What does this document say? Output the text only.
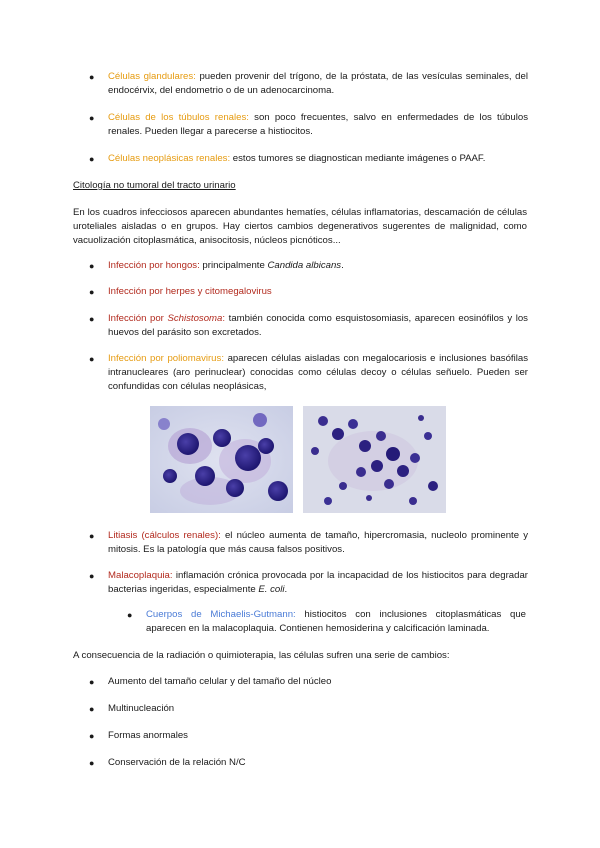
● Células glandulares: pueden provenir del trígono, de la próstata, de las vesículas seminales, del endocérvix, del endometrio o de un adenocarcinoma.
● Células de los túbulos renales: son poco frecuentes, salvo en enfermedades de los túbulos renales. Pueden llegar a parecerse a histiocitos.
● Células neoplásicas renales: estos tumores se diagnostican mediante imágenes o PAAF.
Citología no tumoral del tracto urinario
En los cuadros infecciosos aparecen abundantes hematíes, células inflamatorias, descamación de células uroteliales aisladas o en grupos. Hay ciertos cambios degenerativos sugerentes de malignidad, como vacuolización citoplasmática, anisocitosis, núcleos picnóticos...
● Infección por hongos: principalmente Candida albicans.
● Infección por herpes y citomegalovirus
● Infección por Schistosoma: también conocida como esquistosomiasis, aparecen eosinófilos y los huevos del parásito son excretados.
● Infección por poliomavirus: aparecen células aisladas con megalocariosis e inclusiones basófilas intranucleares (aro perinuclear) conocidas como células decoy o células señuelo. Pueden ser confundidas con células neoplásicas,
● Litiasis (cálculos renales): el núcleo aumenta de tamaño, hipercromasia, nucleolo prominente y mitosis. Es la patología que más causa falsos positivos.
● Malacoplaquia: inflamación crónica provocada por la incapacidad de los histiocitos para degradar bacterias ingeridas, especialmente E. coli.
● Cuerpos de Michaelis-Gutmann: histiocitos con inclusiones citoplasmáticas que aparecen en la malacoplaquia. Contienen hemosiderina y calcificación laminada.
A consecuencia de la radiación o quimioterapia, las células sufren una serie de cambios:
● Aumento del tamaño celular y del tamaño del núcleo
● Multinucleación
● Formas anormales
● Conservación de la relación N/C
